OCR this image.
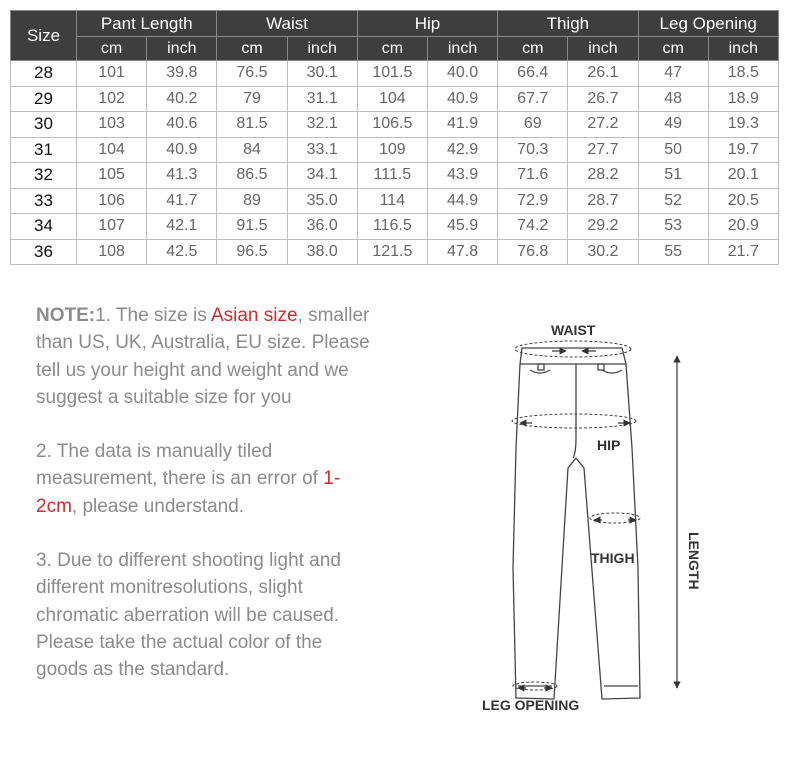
Size	Pant Length		Waist		Hip		Thigh		Leg Opening	
	cm	inch	cm	inch	cm	inch	cm	inch	cm	inch
28	101	39.8	76.5	30.1	101.5	40.0	66.4	26.1	47	18.5
29	102	40.2	79	31.1	104	40.9	67.7	26.7	48	18.9
30	103	40.6	81.5	32.1	106.5	41.9	69	27.2	49	19.3
31	104	40.9	84	33.1	109	42.9	70.3	27.7	50	19.7
32	105	41.3	86.5	34.1	111.5	43.9	71.6	28.2	51	20.1
33	106	41.7	89	35.0	114	44.9	72.9	28.7	52	20.5
34	107	42.1	91.5	36.0	116.5	45.9	74.2	29.2	53	20.9
36	108	42.5	96.5	38.0	121.5	47.8	76.8	30.2	55	21.7

NOTE:1. The size is Asian size, smaller than US, UK, Australia, EU size. Please tell us your height and weight and we suggest a suitable size for you

2. The data is manually tiled measurement, there is an error of 1-2cm, please understand.

3. Due to different shooting light and different monitresolutions, slight chromatic aberration will be caused. Please take the actual color of the goods as the standard.

WAIST
HIP
THIGH	LENGTH
LEG OPENING
